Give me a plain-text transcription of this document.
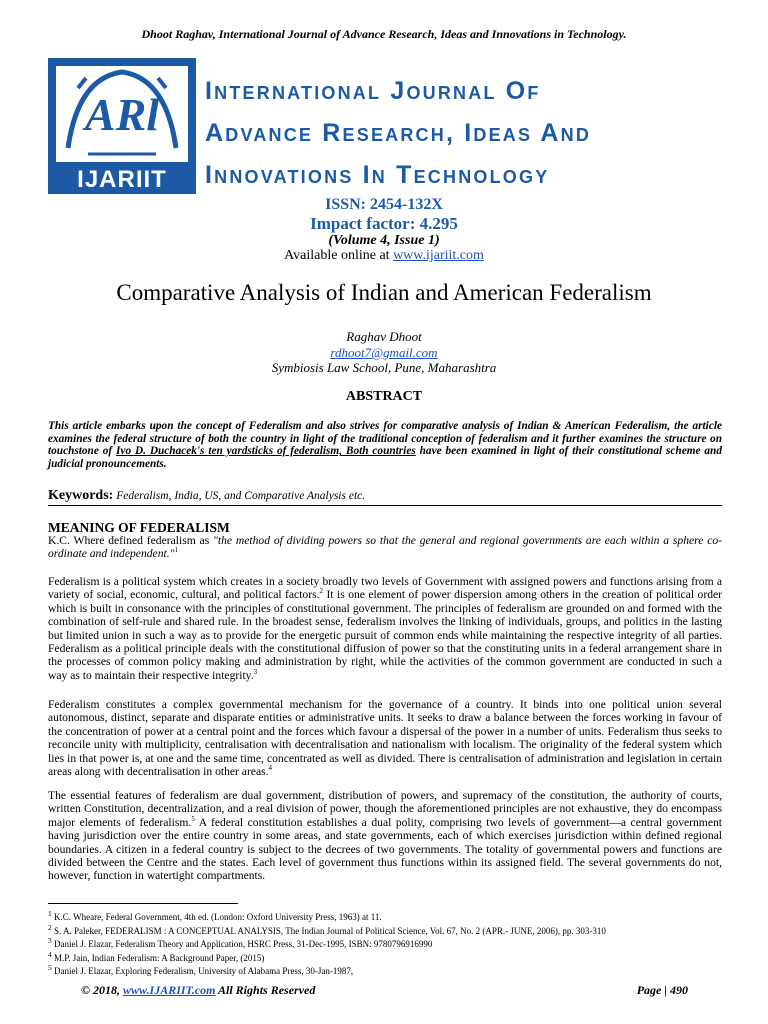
Dhoot Raghav, International Journal of Advance Research, Ideas and Innovations in Technology.
ARl
IJARIIT
International Journal Of
Advance Research, Ideas And
Innovations In Technology
ISSN: 2454-132X
Impact factor: 4.295
(Volume 4, Issue 1)
Available online at www.ijariit.com
Comparative Analysis of Indian and American Federalism
Raghav Dhoot
rdhoot7@gmail.com
Symbiosis Law School, Pune, Maharashtra
ABSTRACT
This article embarks upon the concept of Federalism and also strives for comparative analysis of Indian & American Federalism, the article examines the federal structure of both the country in light of the traditional conception of federalism and it further examines the structure on touchstone of Ivo D. Duchacek's ten yardsticks of federalism, Both countries have been examined in light of their constitutional scheme and judicial pronouncements.
Keywords: Federalism, India, US, and Comparative Analysis etc.
MEANING OF FEDERALISM
K.C. Where defined federalism as "the method of dividing powers so that the general and regional governments are each within a sphere co- ordinate and independent."$^1$
Federalism is a political system which creates in a society broadly two levels of Government with assigned powers and functions arising from a variety of social, economic, cultural, and political factors.$^2$ It is one element of power dispersion among others in the creation of political order which is built in consonance with the principles of constitutional government. The principles of federalism are grounded on and formed with the combination of self-rule and shared rule. In the broadest sense, federalism involves the linking of individuals, groups, and politics in the lasting but limited union in such a way as to provide for the energetic pursuit of common ends while maintaining the respective integrity of all parties. Federalism as a political principle deals with the constitutional diffusion of power so that the constituting units in a federal arrangement share in the processes of common policy making and administration by right, while the activities of the common government are conducted in such a way as to maintain their respective integrity.$^3$
Federalism constitutes a complex governmental mechanism for the governance of a country. It binds into one political union several autonomous, distinct, separate and disparate entities or administrative units. It seeks to draw a balance between the forces working in favour of the concentration of power at a central point and the forces which favour a dispersal of the power in a number of units. Federalism thus seeks to reconcile unity with multiplicity, centralisation with decentralisation and nationalism with localism. The originality of the federal system which lies in that power is, at one and the same time, concentrated as well as divided. There is centralisation of administration and legislation in certain areas along with decentralisation in other areas.$^4$
The essential features of federalism are dual government, distribution of powers, and supremacy of the constitution, the authority of courts, written Constitution, decentralization, and a real division of power, though the aforementioned principles are not exhaustive, they do encompass major elements of federalism.$^5$ A federal constitution establishes a dual polity, comprising two levels of government—a central government having jurisdiction over the entire country in some areas, and state governments, each of which exercises jurisdiction within defined regional boundaries. A citizen in a federal country is subject to the decrees of two governments. The totality of governmental powers and functions are divided between the Centre and the states. Each level of government thus functions within its assigned field. The several governments do not, however, function in watertight compartments.
$^1$ K.C. Wheare, Federal Government, 4th ed. (London: Oxford University Press, 1963) at 11.
$^2$ S. A. Paleker, FEDERALISM : A CONCEPTUAL ANALYSIS, The Indian Journal of Political Science, Vol. 67, No. 2 (APR.- JUNE, 2006), pp. 303-310
$^3$ Daniel J. Elazar, Federalism Theory and Application, HSRC Press, 31-Dec-1995, ISBN: 9780796916990
$^4$ M.P. Jain, Indian Federalism: A Background Paper, (2015)
$^5$ Daniel J. Elazar, Exploring Federalism, University of Alabama Press, 30-Jan-1987,
© 2018, www.IJARIIT.com All Rights Reserved	Page | 490
